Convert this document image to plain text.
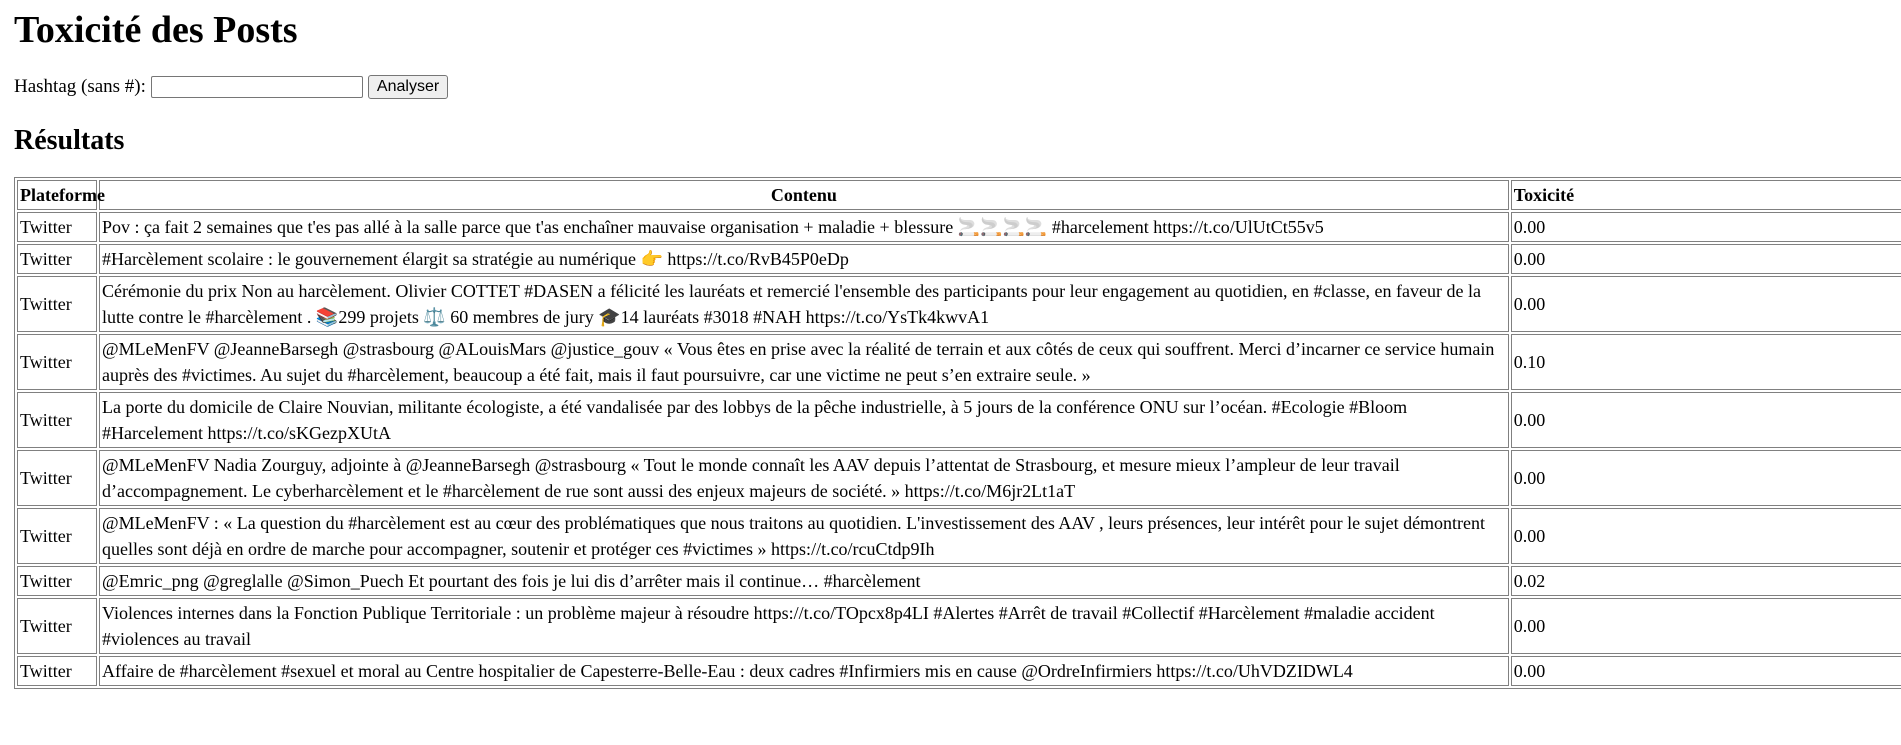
Toxicité des Posts
Hashtag (sans #):	Analyser
Résultats
Plateforme	Contenu	Toxicité
Twitter	Pov : ça fait 2 semaines que t'es pas allé à la salle parce que t'as enchaîner mauvaise organisation + maladie + blessure 🚬🚬🚬🚬 #harcelement https://t.co/UlUtCt55v5	0.00
Twitter	#Harcèlement scolaire : le gouvernement élargit sa stratégie au numérique 👉 https://t.co/RvB45P0eDp	0.00
Twitter	Cérémonie du prix Non au harcèlement. Olivier COTTET #DASEN a félicité les lauréats et remercié l'ensemble des participants pour leur engagement au quotidien, en #classe, en faveur de la lutte contre le #harcèlement . 📚299 projets ⚖️ 60 membres de jury 🎓14 lauréats #3018 #NAH https://t.co/YsTk4kwvA1	0.00
Twitter	@MLeMenFV @JeanneBarsegh @strasbourg @ALouisMars @justice_gouv « Vous êtes en prise avec la réalité de terrain et aux côtés de ceux qui souffrent. Merci d’incarner ce service humain auprès des #victimes. Au sujet du #harcèlement, beaucoup a été fait, mais il faut poursuivre, car une victime ne peut s’en extraire seule. »	0.10
Twitter	La porte du domicile de Claire Nouvian, militante écologiste, a été vandalisée par des lobbys de la pêche industrielle, à 5 jours de la conférence ONU sur l’océan. #Ecologie #Bloom #Harcelement https://t.co/sKGezpXUtA	0.00
Twitter	@MLeMenFV Nadia Zourguy, adjointe à @JeanneBarsegh @strasbourg « Tout le monde connaît les AAV depuis l’attentat de Strasbourg, et mesure mieux l’ampleur de leur travail d’accompagnement. Le cyberharcèlement et le #harcèlement de rue sont aussi des enjeux majeurs de société. » https://t.co/M6jr2Lt1aT	0.00
Twitter	@MLeMenFV : « La question du #harcèlement est au cœur des problématiques que nous traitons au quotidien. L'investissement des AAV , leurs présences, leur intérêt pour le sujet démontrent quelles sont déjà en ordre de marche pour accompagner, soutenir et protéger ces #victimes » https://t.co/rcuCtdp9Ih	0.00
Twitter	@Emric_png @greglalle @Simon_Puech Et pourtant des fois je lui dis d’arrêter mais il continue… #harcèlement	0.02
Twitter	Violences internes dans la Fonction Publique Territoriale : un problème majeur à résoudre https://t.co/TOpcx8p4LI #Alertes #Arrêt de travail #Collectif #Harcèlement #maladie accident #violences au travail	0.00
Twitter	Affaire de #harcèlement #sexuel et moral au Centre hospitalier de Capesterre-Belle-Eau : deux cadres #Infirmiers mis en cause @OrdreInfirmiers https://t.co/UhVDZIDWL4	0.00
